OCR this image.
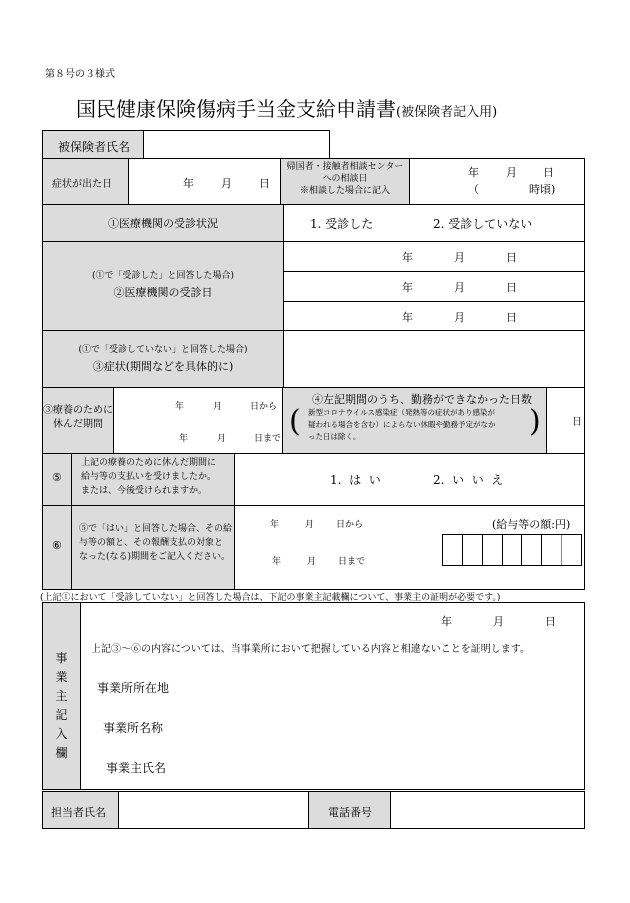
第８号の３様式
国民健康保険傷病手当金支給申請書(被保険者記入用)
被保険者氏名
症状が出た日	年 月 日
帰国者・接触者相談センター
への相談日
※相談した場合に記入
年 月 日
（	時頃)
①医療機関の受診状況	1. 受診した	2. 受診していない
(①で「受診した」と回答した場合)
②医療機関の受診日
年	月	日
年	月	日
年	月	日
(①で「受診していない」と回答した場合)
③症状(期間などを具体的に)
③療養のために
休んだ期間
年	月	日から
年	月	日まで
④左記期間のうち、勤務ができなかった日数
(	)
新型コロナウイルス感染症（発熱等の症状があり感染が
疑われる場合を含む）によらない休暇や勤務予定がなか
った日は除く。
日
⑤
上記の療養のために休んだ期間に
給与等の支払いを受けましたか。
または、今後受けられますか。
1.  は  い	2.  い  い  え
⑥
⑤で「はい」と回答した場合、その給
与等の額と、その報酬支払の対象と
なった(なる)期間をご記入ください。
年	月 日から
年	月 日まで
(給与等の額:円)
(上記①において「受診していない」と回答した場合は、下記の事業主記載欄について、事業主の証明が必要です。)
事
業
主
記
入
欄
年	月	日
上記③～⑥の内容については、当事業所において把握している内容と相違ないことを証明します。
事業所所在地
事業所名称
事業主氏名
担当者氏名	電話番号
